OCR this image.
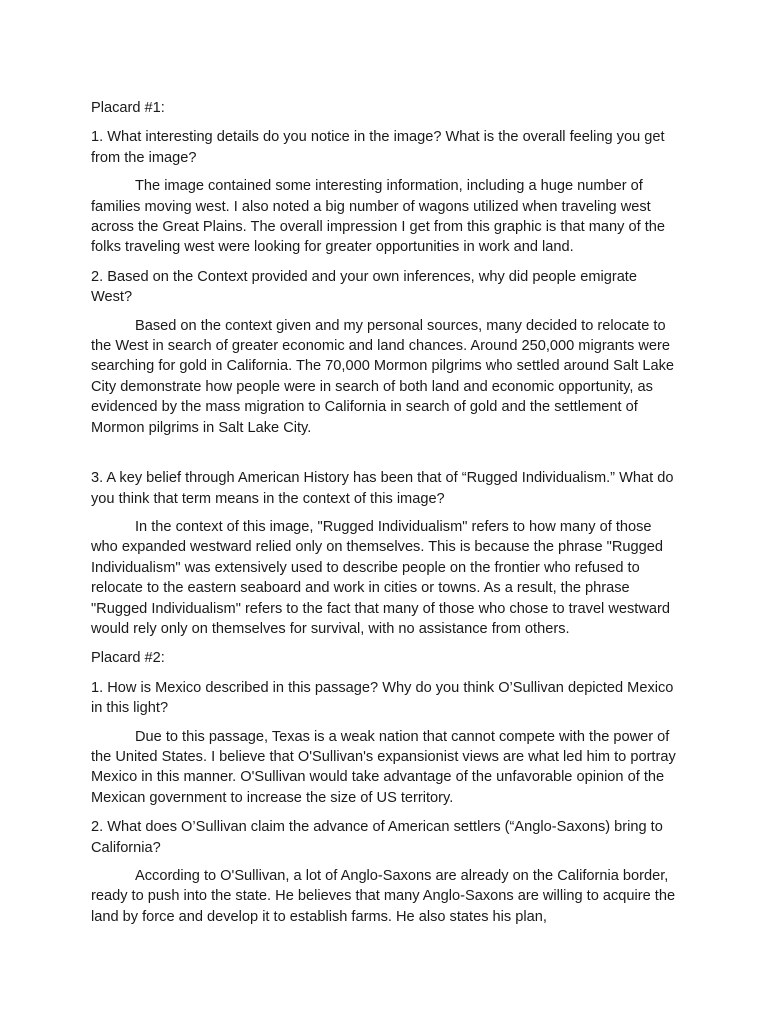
Placard #1:

1. What interesting details do you notice in the image? What is the overall feeling you get from the image?

The image contained some interesting information, including a huge number of families moving west. I also noted a big number of wagons utilized when traveling west across the Great Plains. The overall impression I get from this graphic is that many of the folks traveling west were looking for greater opportunities in work and land.

2. Based on the Context provided and your own inferences, why did people emigrate West?

Based on the context given and my personal sources, many decided to relocate to the West in search of greater economic and land chances. Around 250,000 migrants were searching for gold in California. The 70,000 Mormon pilgrims who settled around Salt Lake City demonstrate how people were in search of both land and economic opportunity, as evidenced by the mass migration to California in search of gold and the settlement of Mormon pilgrims in Salt Lake City.

3. A key belief through American History has been that of “Rugged Individualism.” What do you think that term means in the context of this image?

In the context of this image, "Rugged Individualism" refers to how many of those who expanded westward relied only on themselves. This is because the phrase "Rugged Individualism" was extensively used to describe people on the frontier who refused to relocate to the eastern seaboard and work in cities or towns. As a result, the phrase "Rugged Individualism" refers to the fact that many of those who chose to travel westward would rely only on themselves for survival, with no assistance from others.

Placard #2:

1. How is Mexico described in this passage? Why do you think O’Sullivan depicted Mexico in this light?

Due to this passage, Texas is a weak nation that cannot compete with the power of the United States. I believe that O'Sullivan's expansionist views are what led him to portray Mexico in this manner. O'Sullivan would take advantage of the unfavorable opinion of the Mexican government to increase the size of US territory.

2. What does O’Sullivan claim the advance of American settlers (“Anglo-Saxons) bring to California?

According to O'Sullivan, a lot of Anglo-Saxons are already on the California border, ready to push into the state. He believes that many Anglo-Saxons are willing to acquire the land by force and develop it to establish farms. He also states his plan,
